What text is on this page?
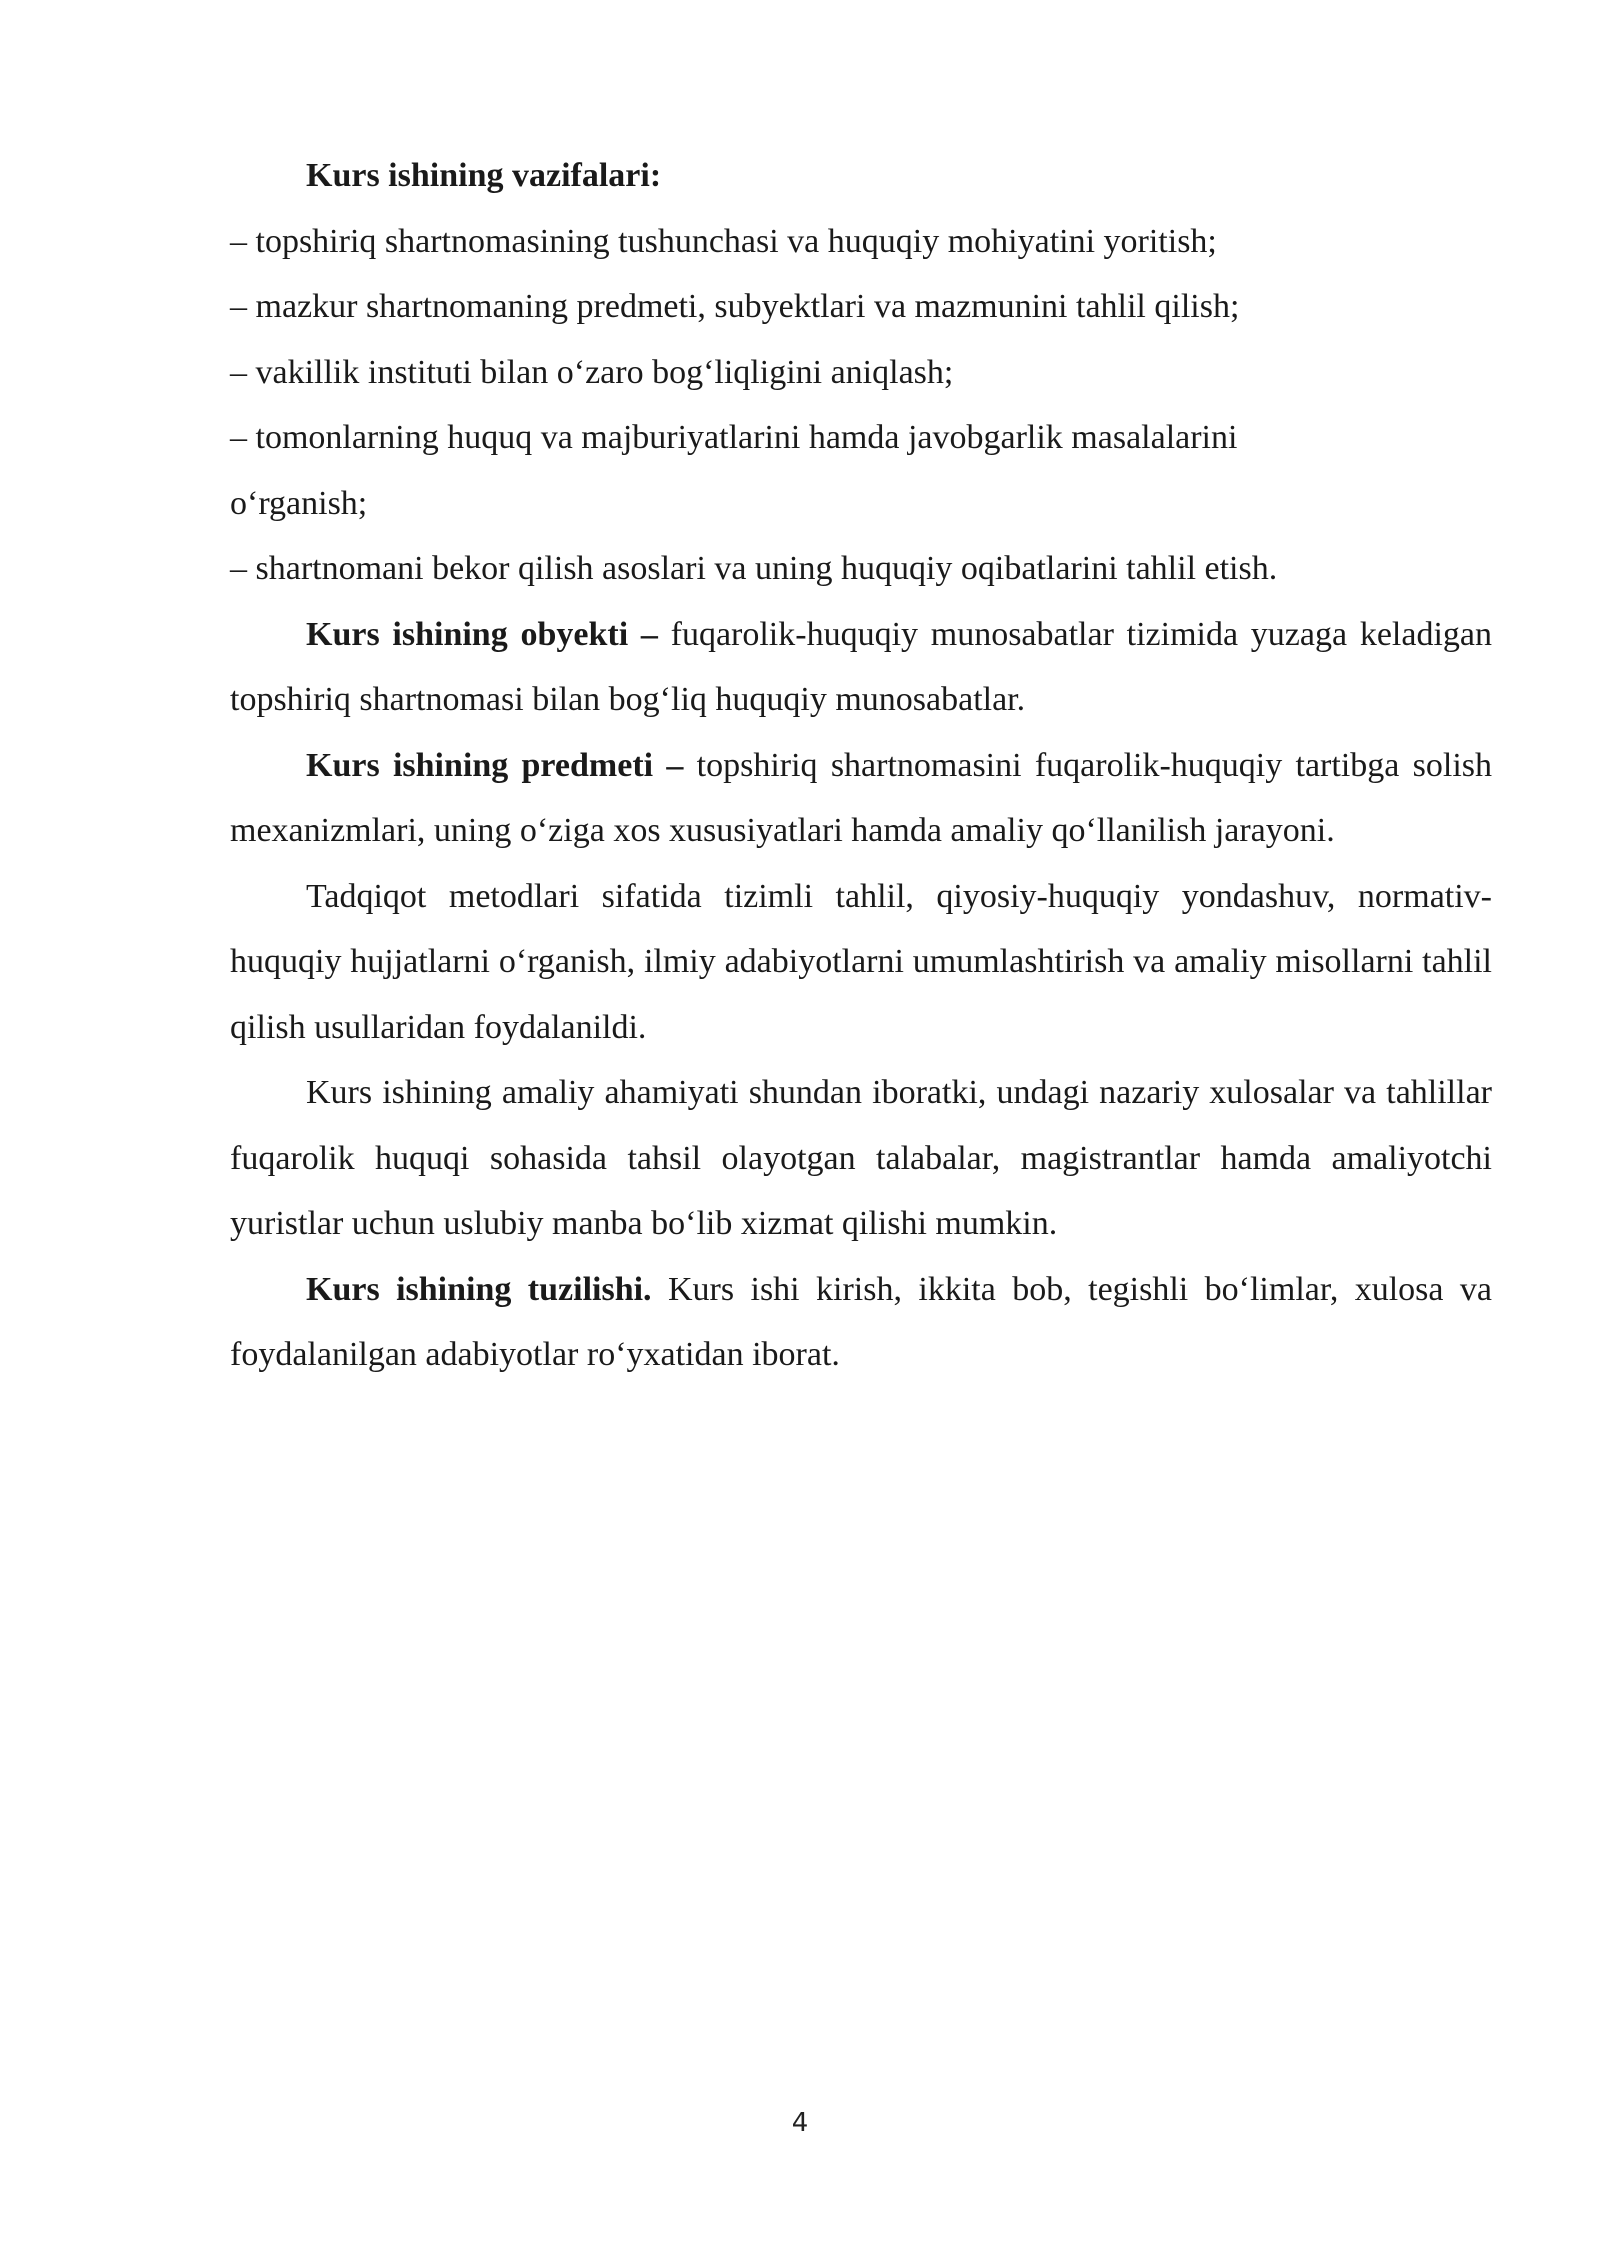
Kurs ishining vazifalari:

– topshiriq shartnomasining tushunchasi va huquqiy mohiyatini yoritish;

– mazkur shartnomaning predmeti, subyektlari va mazmunini tahlil qilish;

– vakillik instituti bilan o‘zaro bog‘liqligini aniqlash;

– tomonlarning huquq va majburiyatlarini hamda javobgarlik masalalarini o‘rganish;

– shartnomani bekor qilish asoslari va uning huquqiy oqibatlarini tahlil etish.

Kurs ishining obyekti – fuqarolik-huquqiy munosabatlar tizimida yuzaga keladigan topshiriq shartnomasi bilan bog‘liq huquqiy munosabatlar.

Kurs ishining predmeti – topshiriq shartnomasini fuqarolik-huquqiy tartibga solish mexanizmlari, uning o‘ziga xos xususiyatlari hamda amaliy qo‘llanilish jarayoni.

Tadqiqot metodlari sifatida tizimli tahlil, qiyosiy-huquqiy yondashuv, normativ-huquqiy hujjatlarni o‘rganish, ilmiy adabiyotlarni umumlashtirish va amaliy misollarni tahlil qilish usullaridan foydalanildi.

Kurs ishining amaliy ahamiyati shundan iboratki, undagi nazariy xulosalar va tahlillar fuqarolik huquqi sohasida tahsil olayotgan talabalar, magistrantlar hamda amaliyotchi yuristlar uchun uslubiy manba bo‘lib xizmat qilishi mumkin.

Kurs ishining tuzilishi. Kurs ishi kirish, ikkita bob, tegishli bo‘limlar, xulosa va foydalanilgan adabiyotlar ro‘yxatidan iborat.

4
